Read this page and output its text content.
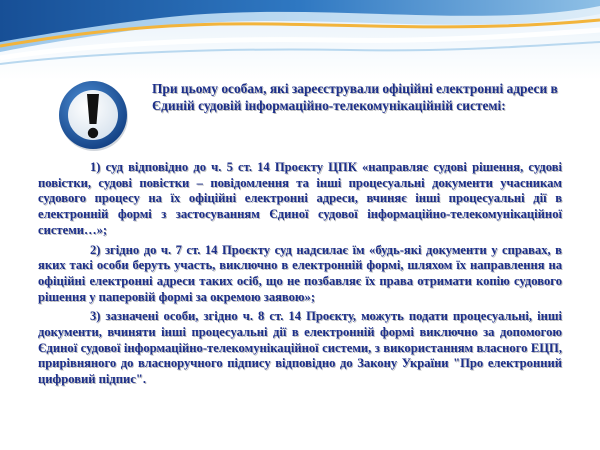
При цьому особам, які зареєстрували офіційні електронні адреси в Єдиній судовій інформаційно-телекомунікаційній системі:

1) суд відповідно до ч. 5 ст. 14 Проєкту ЦПК «направляє судові рішення, судові повістки, судові повістки – повідомлення та інші процесуальні документи учасникам судового процесу на їх офіційні електронні адреси, вчиняє інші процесуальні дії в електронній формі з застосуванням Єдиної судової інформаційно-телекомунікаційної системи…»;

2) згідно до ч. 7 ст. 14 Проєкту суд надсилає їм «будь-які документи у справах, в яких такі особи беруть участь, виключно в електронній формі, шляхом їх направлення на офіційні електронні адреси таких осіб, що не позбавляє їх права отримати копію судового рішення у паперовій формі за окремою заявою»;

3) зазначені особи, згідно ч. 8 ст. 14 Проєкту, можуть подати процесуальні, інші документи, вчиняти інші процесуальні дії в електронній формі виключно за допомогою Єдиної судової інформаційно-телекомунікаційної системи, з використанням власного ЕЦП, прирівняного до власноручного підпису відповідно до Закону України "Про електронний цифровий підпис".
